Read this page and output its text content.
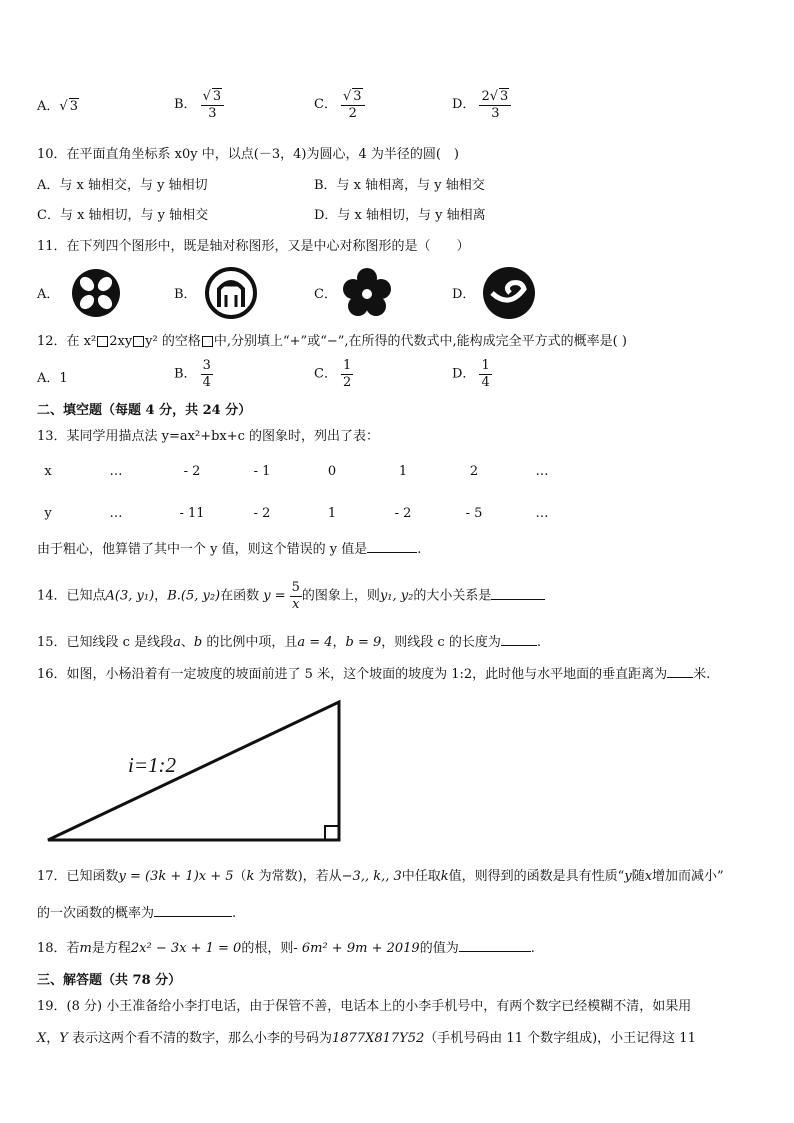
A．√ 3	B． $\frac{√ 3}{3}$	C． $\frac{√ 3}{2}$	D． $\frac{2√ 3}{3}$
10．在平面直角坐标系 x0y 中，以点(－3，4)为圆心，4 为半径的圆(　)
A．与 x 轴相交，与 y 轴相切	B．与 x 轴相离，与 y 轴相交
C．与 x 轴相切，与 y 轴相交	D．与 x 轴相切，与 y 轴相离
11．在下列四个图形中，既是轴对称图形，又是中心对称图形的是（　　）
A．	B．	C．	D．
12．在 x² 2xy y² 的空格 中,分别填上“+”或“−”,在所得的代数式中,能构成完全平方式的概率是( )
A．1	B． $\frac{3}{4}$	C． $\frac{1}{2}$	D． $\frac{1}{4}$
二、填空题（每题 4 分，共 24 分）
13．某同学用描点法 y=ax²+bx+c 的图象时，列出了表：
x	…	- 2	- 1	0	1	2	…
y	…	- 11	- 2	1	- 2	- 5	…
由于粗心，他算错了其中一个 y 值，则这个错误的 y 值是	.
14．已知点A(3, y₁)，B.(5, y₂)在函数 $y = \frac{5}{x}$ 的图象上，则y₁, y₂的大小关系是
15．已知线段 c 是线段a、b 的比例中项，且a = 4，b = 9，则线段 c 的长度为	.
16．如图，小杨沿着有一定坡度的坡面前进了 5 米，这个坡面的坡度为 1:2，此时他与水平地面的垂直距离为 米.
i=1:2
17．已知函数y = (3k + 1)x + 5（k 为常数)，若从−3,, k,, 3中任取k值，则得到的函数是具有性质“y随x增加而减小”
的一次函数的概率为	.
18．若m是方程2x² − 3x + 1 = 0的根，则- 6m² + 9m + 2019的值为	.
三、解答题（共 78 分）
19．(8 分) 小王准备给小李打电话，由于保管不善，电话本上的小李手机号中，有两个数字已经模糊不清，如果用
X，Y 表示这两个看不清的数字，那么小李的号码为1877X817Y52（手机号码由 11 个数字组成)，小王记得这 11
